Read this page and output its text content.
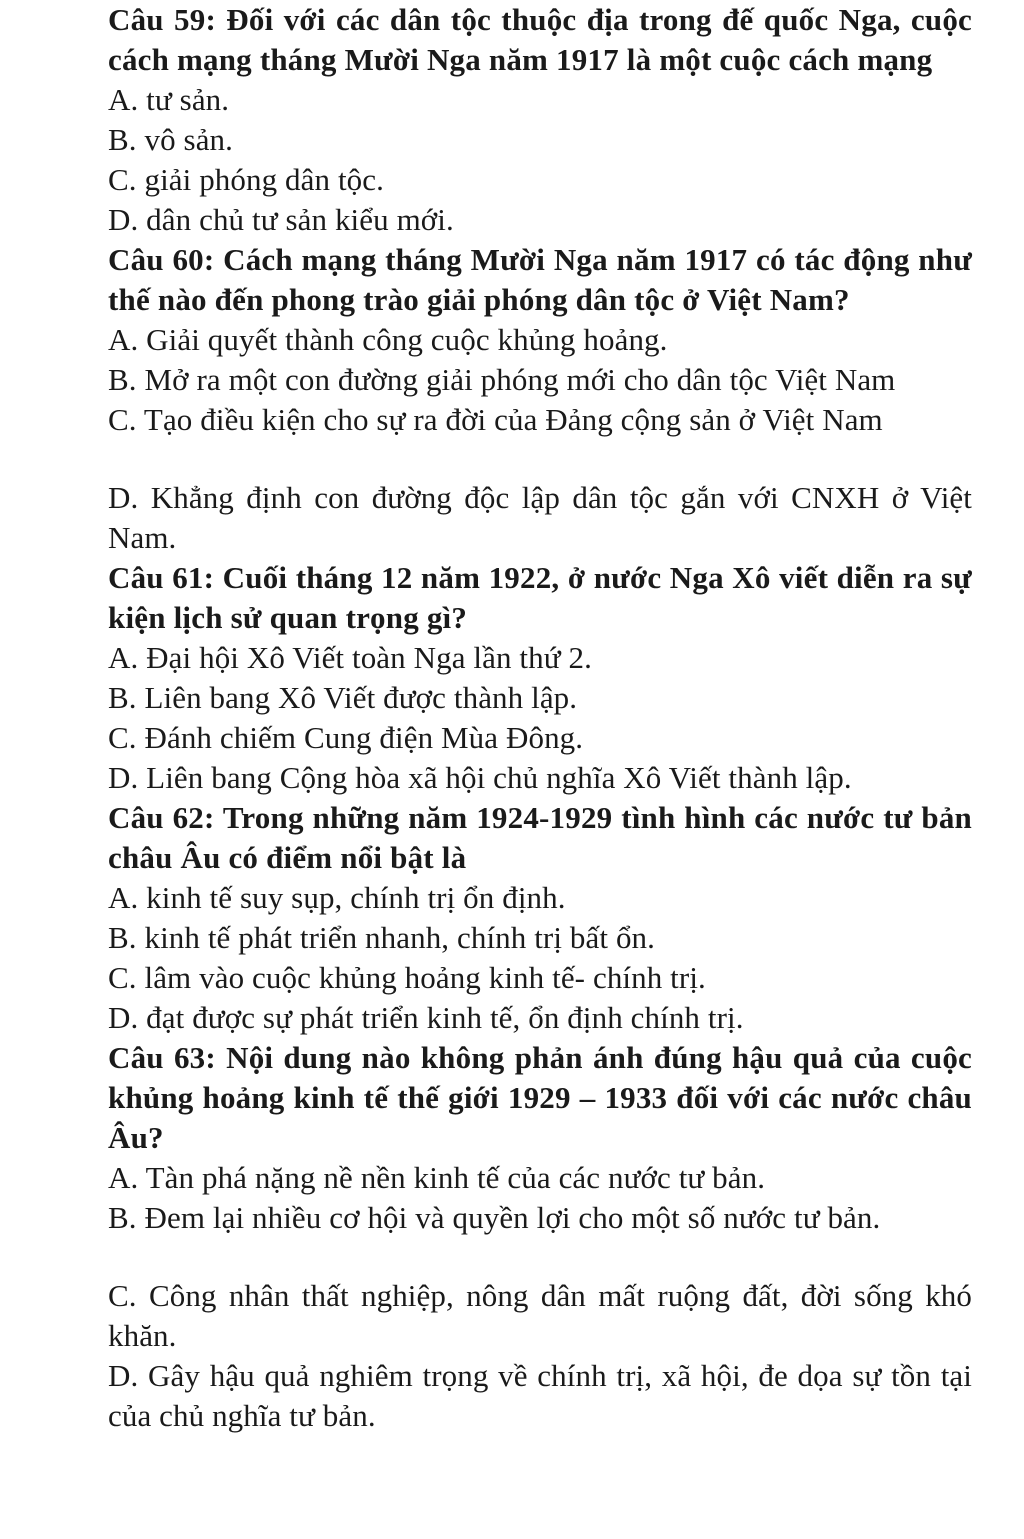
Câu 59: Đối với các dân tộc thuộc địa trong đế quốc Nga, cuộc cách mạng tháng Mười Nga năm 1917 là một cuộc cách mạng

A. tư sản.

B. vô sản.

C. giải phóng dân tộc.

D. dân chủ tư sản kiểu mới.

Câu 60: Cách mạng tháng Mười Nga năm 1917 có tác động như thế nào đến phong trào giải phóng dân tộc ở Việt Nam?

A. Giải quyết thành công cuộc khủng hoảng.

B. Mở ra một con đường giải phóng mới cho dân tộc Việt Nam

C. Tạo điều kiện cho sự ra đời của Đảng cộng sản ở Việt Nam

D. Khẳng định con đường độc lập dân tộc gắn với CNXH ở Việt Nam.

Câu 61: Cuối tháng 12 năm 1922, ở nước Nga Xô viết diễn ra sự kiện lịch sử quan trọng gì?

A. Đại hội Xô Viết toàn Nga lần thứ 2.

B. Liên bang Xô Viết được thành lập.

C. Đánh chiếm Cung điện Mùa Đông.

D. Liên bang Cộng hòa xã hội chủ nghĩa Xô Viết thành lập.

Câu 62: Trong những năm 1924-1929 tình hình các nước tư bản châu Âu có điểm nổi bật là

A. kinh tế suy sụp, chính trị ổn định.

B. kinh tế phát triển nhanh, chính trị bất ổn.

C. lâm vào cuộc khủng hoảng kinh tế- chính trị.

D. đạt được sự phát triển kinh tế, ổn định chính trị.

Câu 63: Nội dung nào không phản ánh đúng hậu quả của cuộc khủng hoảng kinh tế thế giới 1929 – 1933 đối với các nước châu Âu?

A. Tàn phá nặng nề nền kinh tế của các nước tư bản.

B. Đem lại nhiều cơ hội và quyền lợi cho một số nước tư bản.

C. Công nhân thất nghiệp, nông dân mất ruộng đất, đời sống khó khăn.

D. Gây hậu quả nghiêm trọng về chính trị, xã hội, đe dọa sự tồn tại của chủ nghĩa tư bản.
